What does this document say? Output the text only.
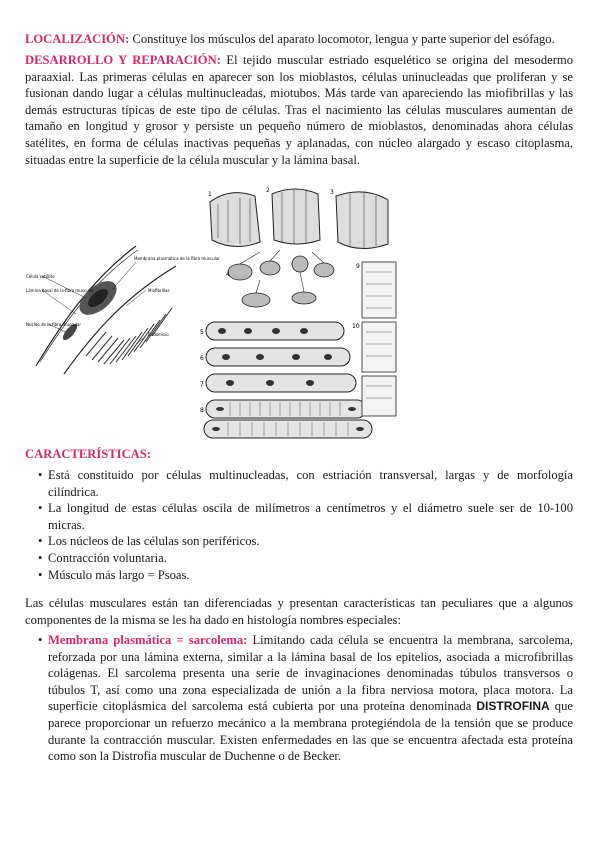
LOCALIZACIÓN: Constituye los músculos del aparato locomotor, lengua y parte superior del esófago.

DESARROLLO Y REPARACIÓN: El tejido muscular estriado esquelético se origina del mesodermo paraaxial. Las primeras células en aparecer son los mioblastos, células uninucleadas que proliferan y se fusionan dando lugar a células multinucleadas, miotubos. Más tarde van apareciendo las miofibrillas y las demás estructuras típicas de este tipo de células. Tras el nacimiento las células musculares aumentan de tamaño en longitud y grosor y persiste un pequeño número de mioblastos, denominadas ahora células satélites, en forma de células inactivas pequeñas y aplanadas, con núcleo alargado y escaso citoplasma, situadas entre la superficie de la célula muscular y la lámina basal.

Célula satélite
Lámina basal de la fibra muscular
Núcleo de la fibra muscular
Membrana plasmática de la fibra muscular
Miofibrillas
Endomisio
1
2	3
4
5
6
7
8
9
10
CARACTERÍSTICAS:
• Está constituido por células multinucleadas, con estriación transversal, largas y de morfología cilíndrica.
• La longitud de estas células oscila de milímetros a centímetros y el diámetro suele ser de 10-100 micras.
• Los núcleos de las células son periféricos.
• Contracción voluntaria.
• Músculo más largo = Psoas.

Las células musculares están tan diferenciadas y presentan características tan peculiares que a algunos componentes de la misma se les ha dado en histología nombres especiales:

• Membrana plasmática = sarcolema: Limitando cada célula se encuentra la membrana, sarcolema, reforzada por una lámina externa, similar a la lámina basal de los epitelios, asociada a microfibrillas colágenas. El sarcolema presenta una serie de invaginaciones denominadas túbulos transversos o túbulos T, así como una zona especializada de unión a la fibra nerviosa motora, placa motora. La superficie citoplásmica del sarcolema está cubierta por una proteína denominada DISTROFINA que parece proporcionar un refuerzo mecánico a la membrana protegiéndola de la tensión que se produce durante la contracción muscular. Existen enfermedades en las que se encuentra afectada esta proteína como son la Distrofia muscular de Duchenne o de Becker.
